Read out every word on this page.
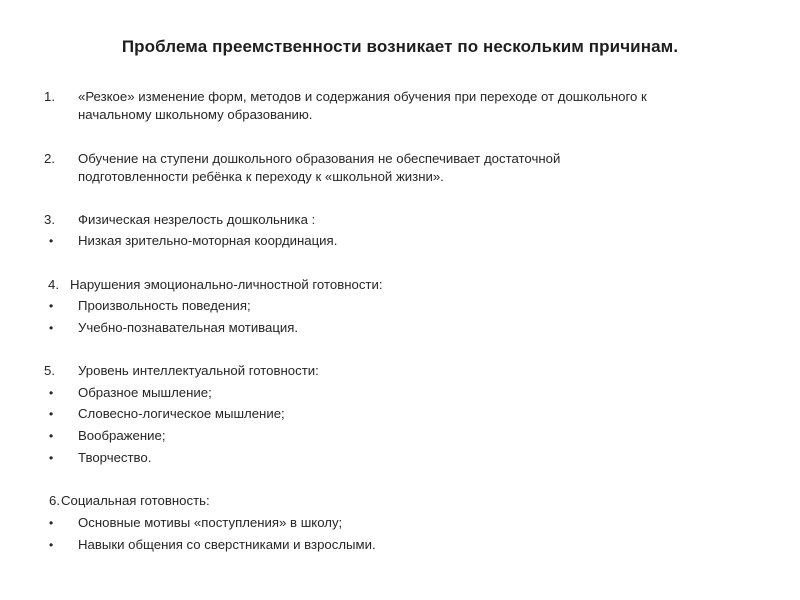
Проблема преемственности возникает по нескольким причинам.
1. «Резкое» изменение форм, методов и содержания обучения при переходе от дошкольного к
начальному школьному образованию.
2. Обучение на ступени дошкольного образования не обеспечивает достаточной
подготовленности ребёнка к переходу к «школьной жизни».
3. Физическая незрелость дошкольника :
• Низкая зрительно-моторная координация.
4. Нарушения эмоционально-личностной готовности:
• Произвольность поведения;
• Учебно-познавательная мотивация.
5. Уровень интеллектуальной готовности:
• Образное мышление;
• Словесно-логическое мышление;
• Воображение;
• Творчество.
6. Социальная готовность:
• Основные мотивы «поступления» в школу;
• Навыки общения со сверстниками и взрослыми.
